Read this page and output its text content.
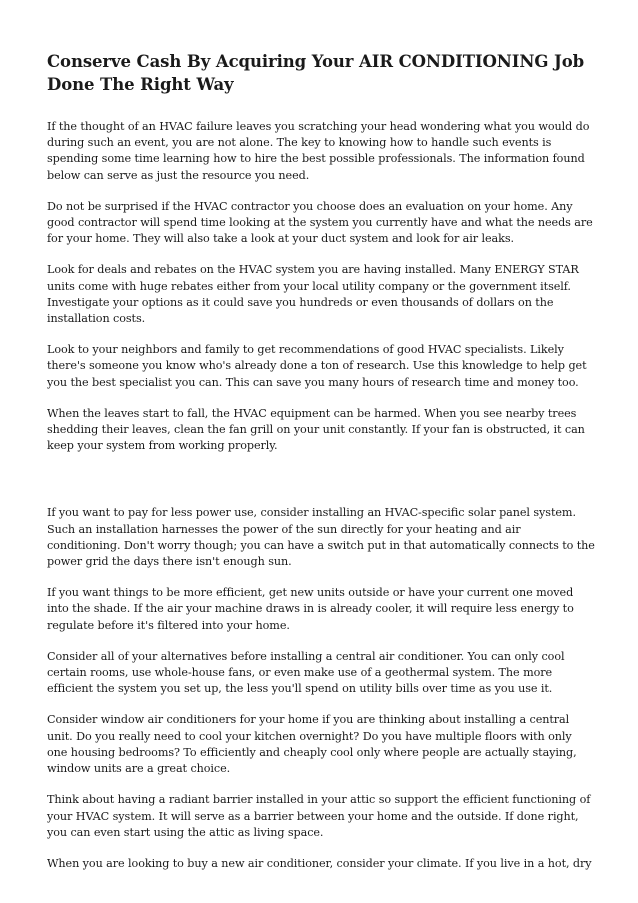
Conserve Cash By Acquiring Your AIR CONDITIONING Job Done The Right Way

If the thought of an HVAC failure leaves you scratching your head wondering what you would do during such an event, you are not alone. The key to knowing how to handle such events is spending some time learning how to hire the best possible professionals. The information found below can serve as just the resource you need.

Do not be surprised if the HVAC contractor you choose does an evaluation on your home. Any good contractor will spend time looking at the system you currently have and what the needs are for your home. They will also take a look at your duct system and look for air leaks.

Look for deals and rebates on the HVAC system you are having installed. Many ENERGY STAR units come with huge rebates either from your local utility company or the government itself. Investigate your options as it could save you hundreds or even thousands of dollars on the installation costs.

Look to your neighbors and family to get recommendations of good HVAC specialists. Likely there's someone you know who's already done a ton of research. Use this knowledge to help get you the best specialist you can. This can save you many hours of research time and money too.

When the leaves start to fall, the HVAC equipment can be harmed. When you see nearby trees shedding their leaves, clean the fan grill on your unit constantly. If your fan is obstructed, it can keep your system from working properly.

If you want to pay for less power use, consider installing an HVAC-specific solar panel system. Such an installation harnesses the power of the sun directly for your heating and air conditioning. Don't worry though; you can have a switch put in that automatically connects to the power grid the days there isn't enough sun.

If you want things to be more efficient, get new units outside or have your current one moved into the shade. If the air your machine draws in is already cooler, it will require less energy to regulate before it's filtered into your home.

Consider all of your alternatives before installing a central air conditioner. You can only cool certain rooms, use whole-house fans, or even make use of a geothermal system. The more efficient the system you set up, the less you'll spend on utility bills over time as you use it.

Consider window air conditioners for your home if you are thinking about installing a central unit. Do you really need to cool your kitchen overnight? Do you have multiple floors with only one housing bedrooms? To efficiently and cheaply cool only where people are actually staying, window units are a great choice.

Think about having a radiant barrier installed in your attic so support the efficient functioning of your HVAC system. It will serve as a barrier between your home and the outside. If done right, you can even start using the attic as living space.

When you are looking to buy a new air conditioner, consider your climate. If you live in a hot, dry
